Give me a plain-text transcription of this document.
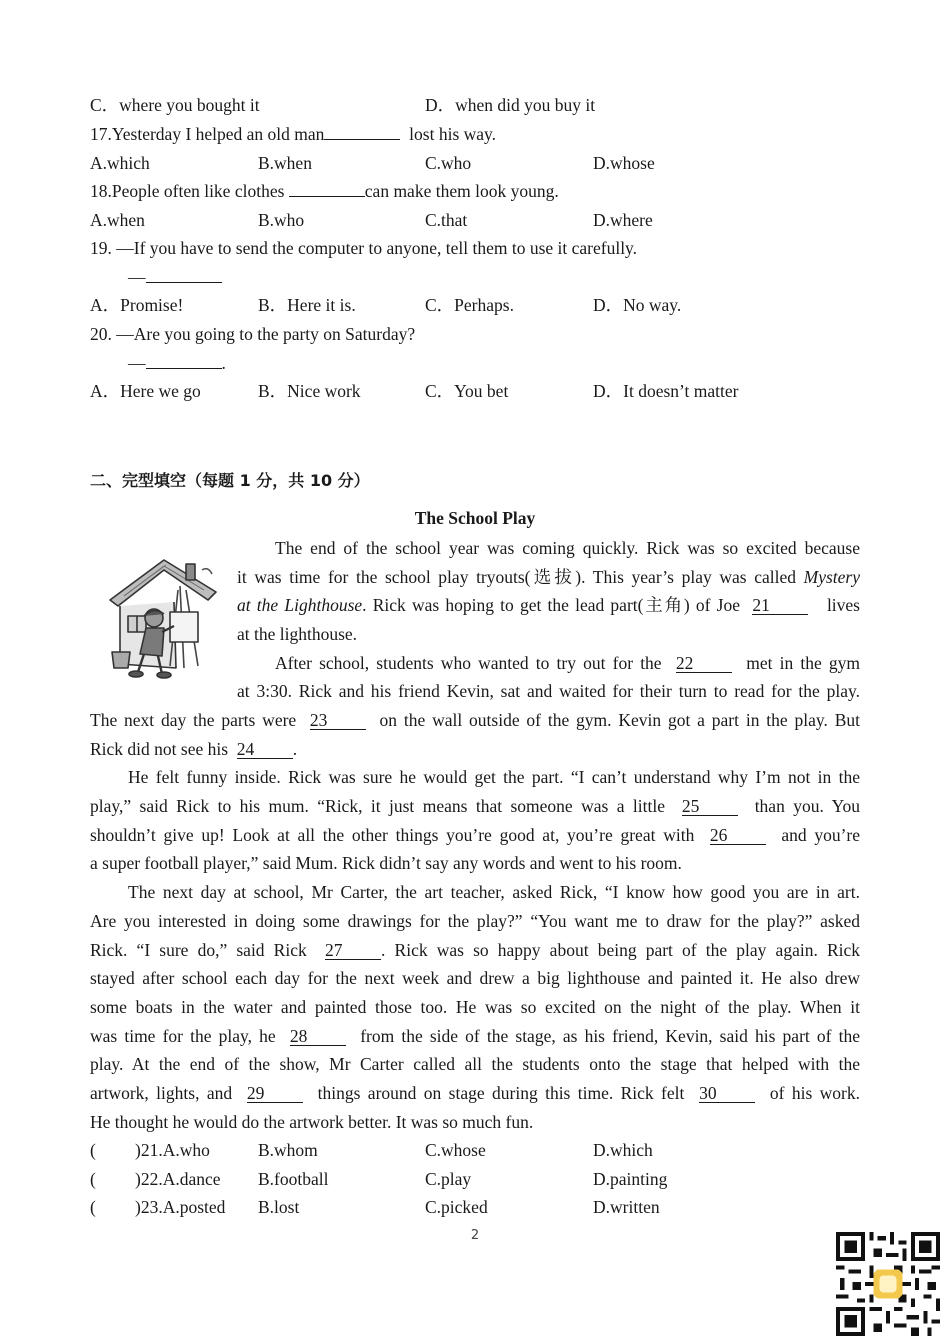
C．where you bought it	D．when did you buy it
17.Yesterday I helped an old man	lost his way.
A.which	B.when	C.who	D.whose
18.People often like clothes	can make them look young.
A.when	B.who	C.that	D.where
19. —If you have to send the computer to anyone, tell them to use it carefully.
—
A．Promise!	B．Here it is.	C．Perhaps.	D．No way.
20. —Are you going to the party on Saturday?
—	.
A．Here we go	B．Nice work	C．You bet	D．It doesn’t matter
二、完型填空（每题 1 分，共 10 分）
The School Play
The end of the school year was coming quickly. Rick was so excited because
it was time for the school play tryouts(选拔). This year’s play was called Mystery
at the Lighthouse. Rick was hoping to get the lead part(主角) of Joe 21	lives
at the lighthouse.
After school, students who wanted to try out for the 22	met in the gym
at 3:30. Rick and his friend Kevin, sat and waited for their turn to read for the play.
The next day the parts were 23	on the wall outside of the gym. Kevin got a part in the play. But
Rick did not see his 24 .
He felt funny inside. Rick was sure he would get the part. “I can’t understand why I’m not in the
play,” said Rick to his mum. “Rick, it just means that someone was a little 25	than you. You
shouldn’t give up! Look at all the other things you’re good at, you’re great with 26	and you’re
a super football player,” said Mum. Rick didn’t say any words and went to his room.
The next day at school, Mr Carter, the art teacher, asked Rick, “I know how good you are in art.
Are you interested in doing some drawings for the play?” “You want me to draw for the play?” asked
Rick. “I sure do,” said Rick 27 . Rick was so happy about being part of the play again. Rick
stayed after school each day for the next week and drew a big lighthouse and painted it. He also drew
some boats in the water and painted those too. He was so excited on the night of the play. When it
was time for the play, he 28	from the side of the stage, as his friend, Kevin, said his part of the
play. At the end of the show, Mr Carter called all the students onto the stage that helped with the
artwork, lights, and 29	things around on stage during this time. Rick felt 30	of his work.
He thought he would do the artwork better. It was so much fun.
( )21.A.who	B.whom	C.whose	D.which
( )22.A.dance B.football	C.play	D.painting
( )23.A.posted B.lost	C.picked	D.written
2
